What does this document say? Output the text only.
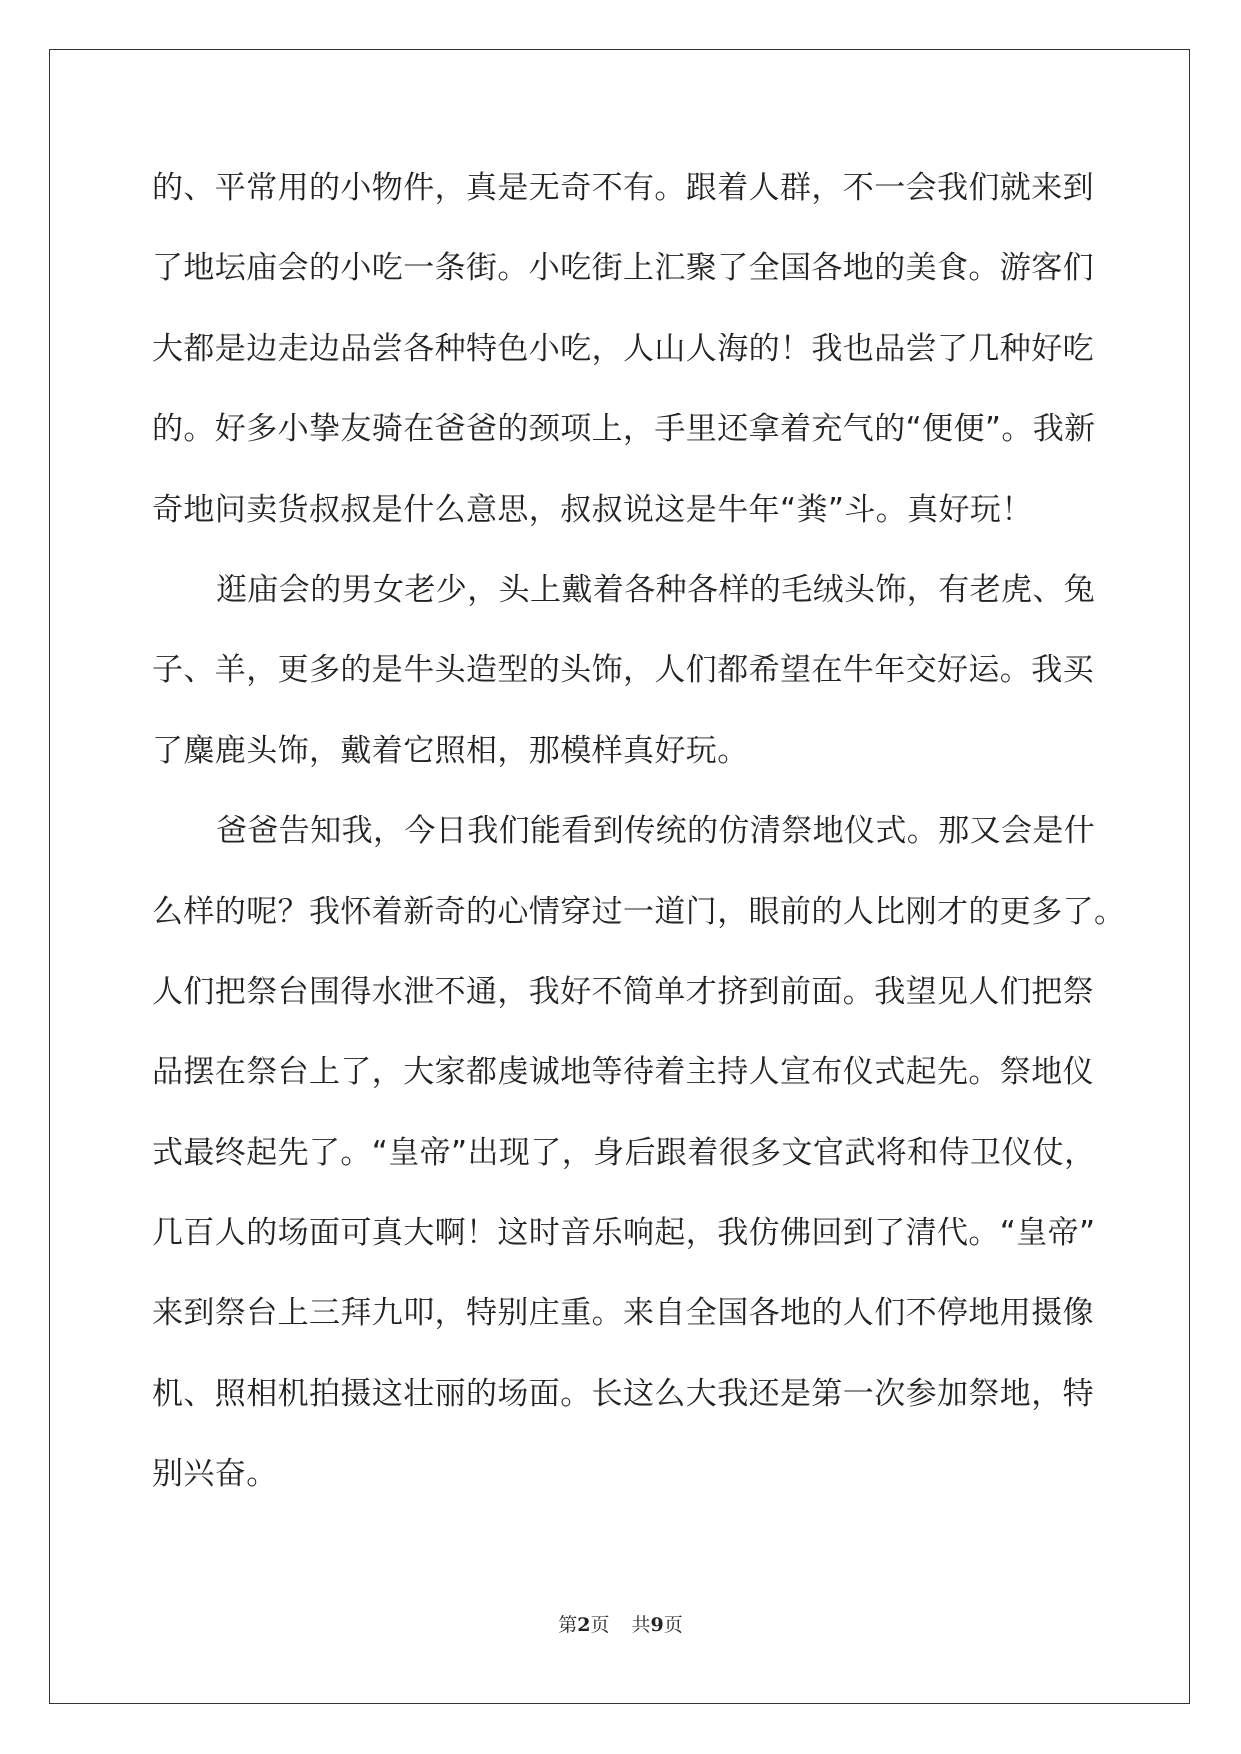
的、平常用的小物件，真是无奇不有。跟着人群，不一会我们就来到
了地坛庙会的小吃一条街。小吃街上汇聚了全国各地的美食。游客们
大都是边走边品尝各种特色小吃，人山人海的！我也品尝了几种好吃
的。好多小挚友骑在爸爸的颈项上，手里还拿着充气的“便便”。我新
奇地问卖货叔叔是什么意思，叔叔说这是牛年“粪”斗。真好玩！
逛庙会的男女老少，头上戴着各种各样的毛绒头饰，有老虎、兔
子、羊，更多的是牛头造型的头饰，人们都希望在牛年交好运。我买
了麋鹿头饰，戴着它照相，那模样真好玩。
爸爸告知我，今日我们能看到传统的仿清祭地仪式。那又会是什
么样的呢？我怀着新奇的心情穿过一道门，眼前的人比刚才的更多了。
人们把祭台围得水泄不通，我好不简单才挤到前面。我望见人们把祭
品摆在祭台上了，大家都虔诚地等待着主持人宣布仪式起先。祭地仪
式最终起先了。“皇帝”出现了，身后跟着很多文官武将和侍卫仪仗，
几百人的场面可真大啊！这时音乐响起，我仿佛回到了清代。“皇帝”
来到祭台上三拜九叩，特别庄重。来自全国各地的人们不停地用摄像
机、照相机拍摄这壮丽的场面。长这么大我还是第一次参加祭地，特
别兴奋。
第2页 共9页
